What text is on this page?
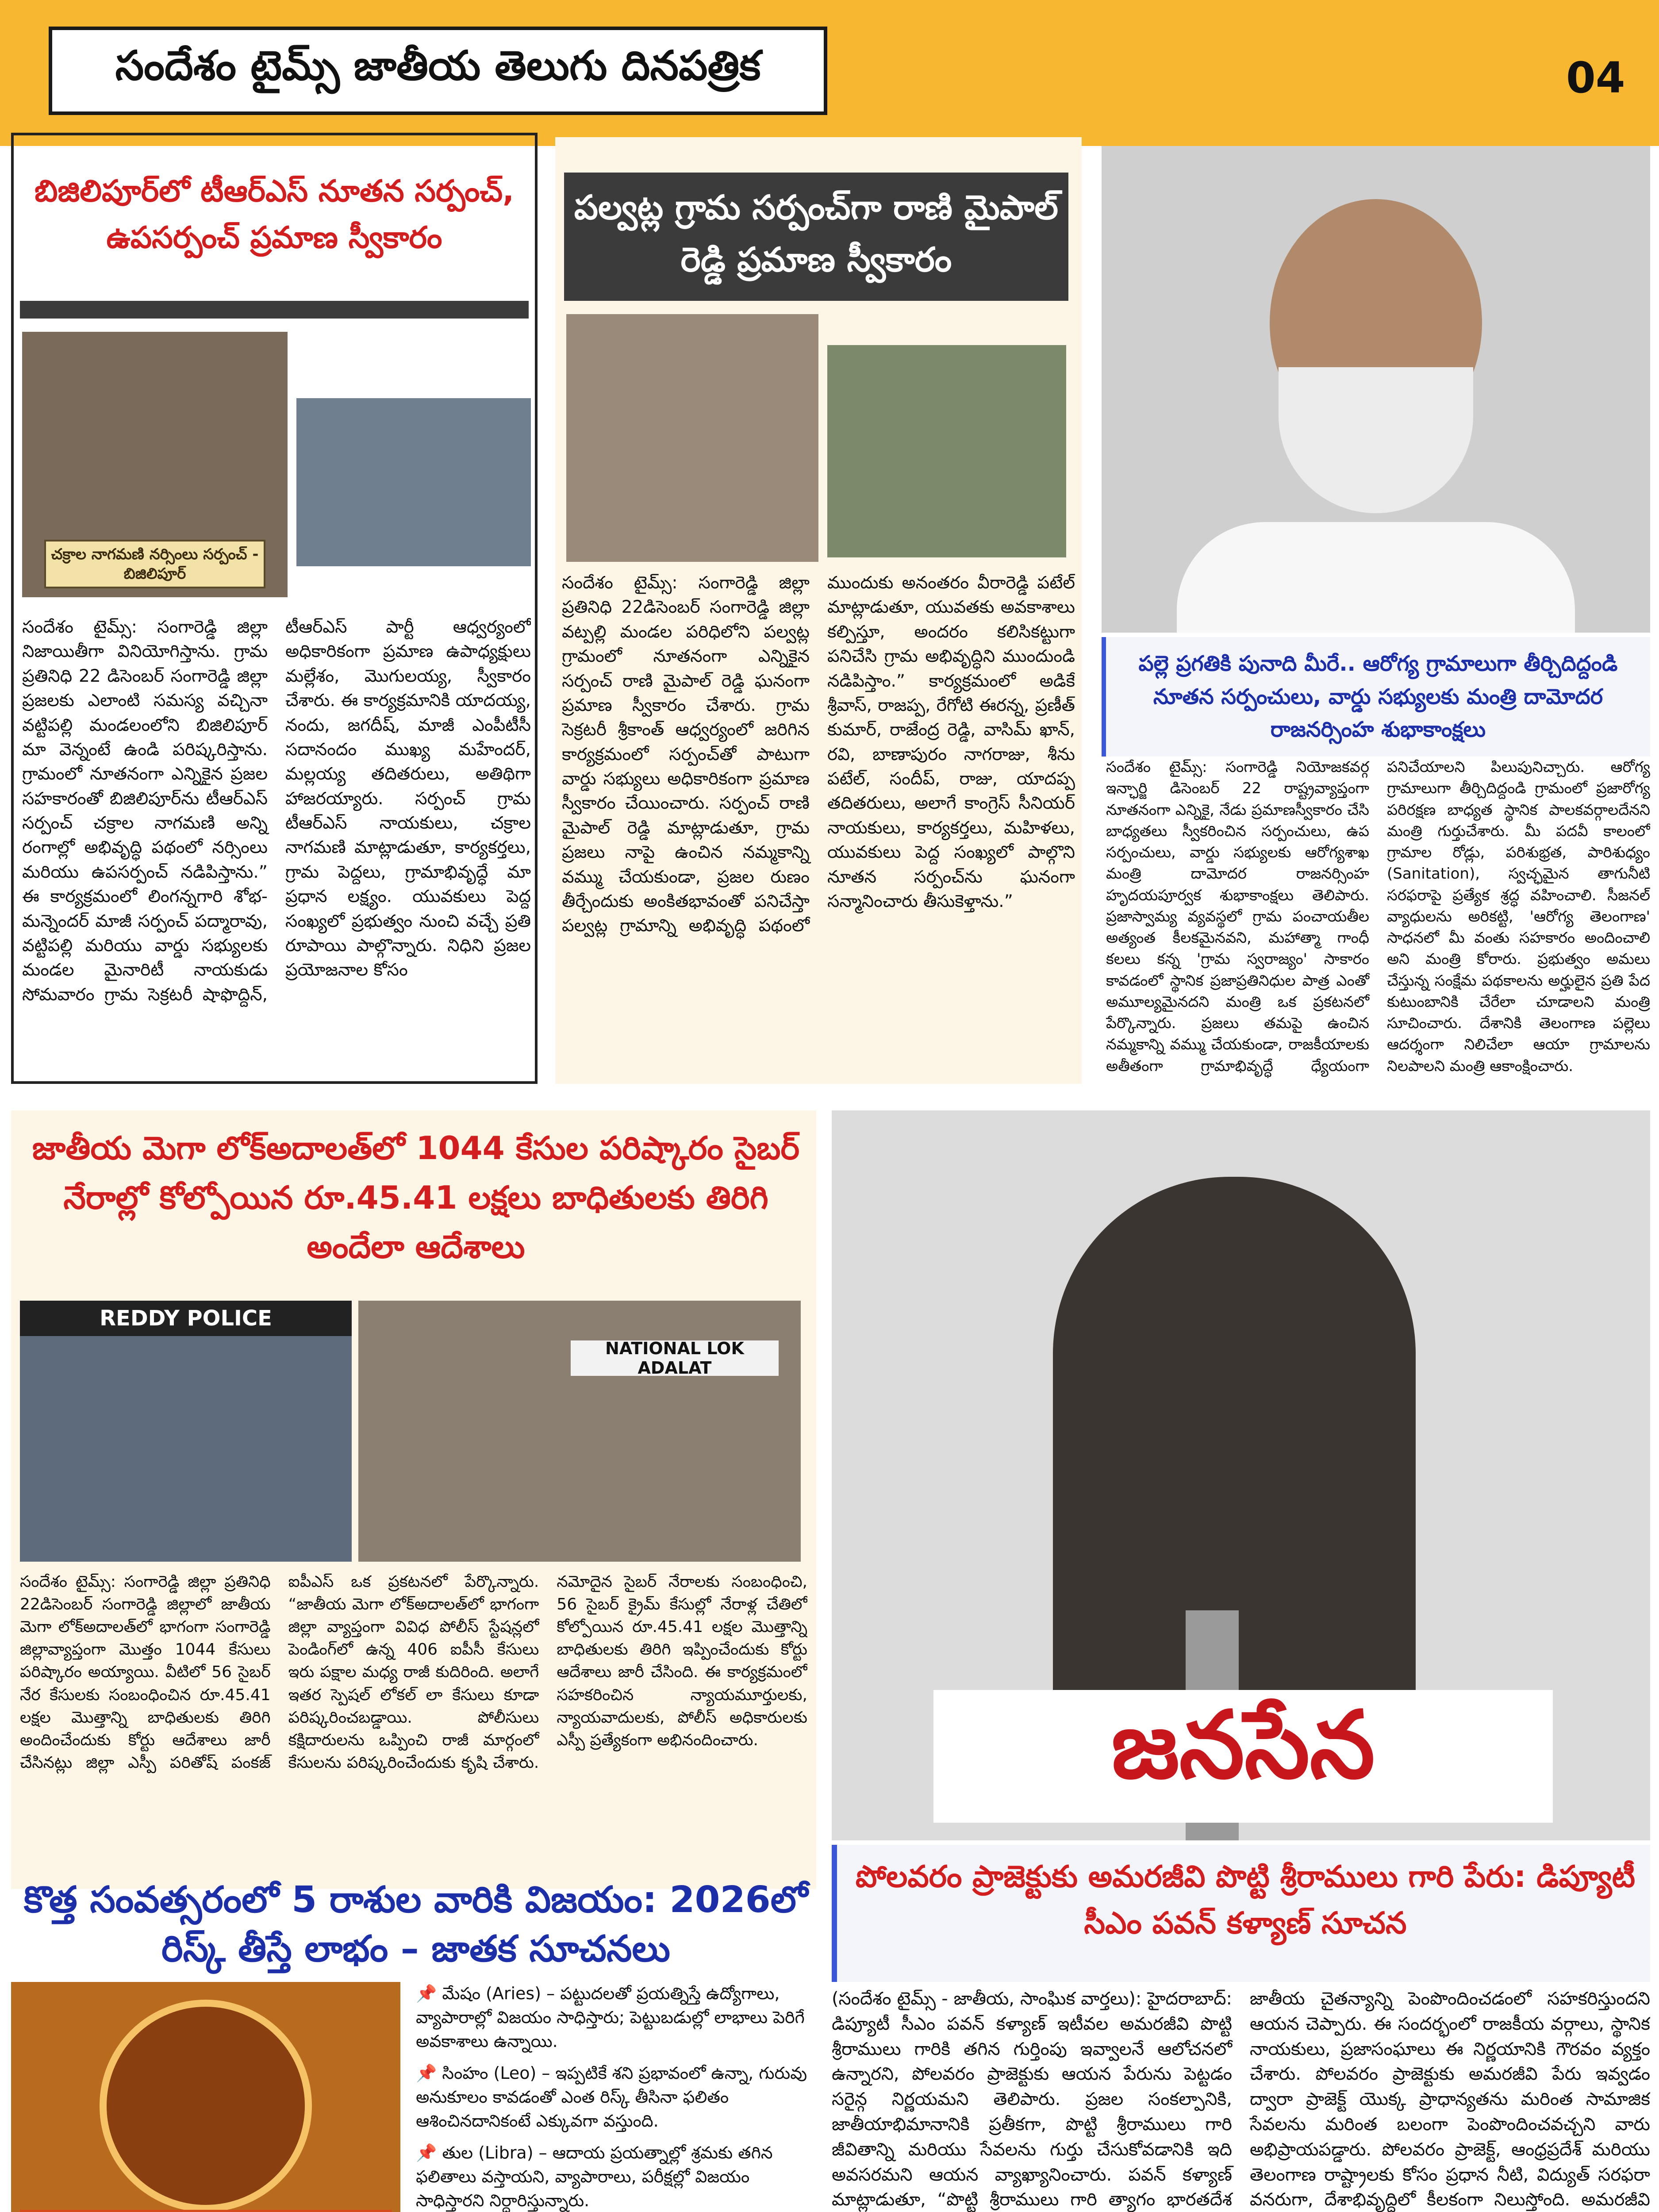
సందేశం టైమ్స్ జాతీయ తెలుగు దినపత్రిక	04
బిజిలిపూర్‌లో టీఆర్ఎస్ నూతన సర్పంచ్, ఉపసర్పంచ్ ప్రమాణ స్వీకారం
చక్రాల నాగమణి నర్సింలు సర్పంచ్ - బిజిలిపూర్
సందేశం టైమ్స్: సంగారెడ్డి జిల్లా నిజాయితీగా వినియోగిస్తాను. గ్రామ ప్రతినిధి 22 డిసెంబర్ సంగారెడ్డి జిల్లా ప్రజలకు ఎలాంటి సమస్య వచ్చినా వట్టిపల్లి మండలంలోని బిజిలిపూర్ మా వెన్నంటే ఉండి పరిష్కరిస్తాను. గ్రామంలో నూతనంగా ఎన్నికైన ప్రజల సహకారంతో బిజిలిపూర్‌ను టీఆర్ఎస్ సర్పంచ్ చక్రాల నాగమణి అన్ని రంగాల్లో అభివృద్ధి పథంలో నర్సింలు మరియు ఉపసర్పంచ్ నడిపిస్తాను.” ఈ కార్యక్రమంలో లింగన్నగారి శోభ-మన్నెందర్ మాజీ సర్పంచ్ పద్మారావు, వట్టిపల్లి మరియు వార్డు సభ్యులకు మండల మైనారిటీ నాయకుడు సోమవారం గ్రామ సెక్రటరీ షాఫొద్దిన్, టీఆర్ఎస్ పార్టీ ఆధ్వర్యంలో అధికారికంగా ప్రమాణ ఉపాధ్యక్షులు మల్లేశం, మొగులయ్య, స్వీకారం చేశారు. ఈ కార్యక్రమానికి యాదయ్య, నందు, జగదీష్, మాజీ ఎంపీటీసీ సదానందం ముఖ్య మహేందర్, మల్లయ్య తదితరులు, అతిథిగా హాజరయ్యారు. సర్పంచ్ గ్రామ టీఆర్ఎస్ నాయకులు, చక్రాల నాగమణి మాట్లాడుతూ, కార్యకర్తలు, గ్రామ పెద్దలు, గ్రామాభివృద్ధే మా ప్రధాన లక్ష్యం. యువకులు పెద్ద సంఖ్యలో ప్రభుత్వం నుంచి వచ్చే ప్రతి రూపాయి పాల్గొన్నారు. నిధిని ప్రజల ప్రయోజనాల కోసం
పల్వట్ల గ్రామ సర్పంచ్‌గా రాణి మైపాల్ రెడ్డి ప్రమాణ స్వీకారం
సందేశం టైమ్స్: సంగారెడ్డి జిల్లా ప్రతినిధి 22డిసెంబర్ సంగారెడ్డి జిల్లా వట్పల్లి మండల పరిధిలోని పల్వట్ల గ్రామంలో నూతనంగా ఎన్నికైన సర్పంచ్ రాణి మైపాల్ రెడ్డి ఘనంగా ప్రమాణ స్వీకారం చేశారు. గ్రామ సెక్రటరీ శ్రీకాంత్ ఆధ్వర్యంలో జరిగిన కార్యక్రమంలో సర్పంచ్‌తో పాటుగా వార్డు సభ్యులు అధికారికంగా ప్రమాణ స్వీకారం చేయించారు. సర్పంచ్ రాణి మైపాల్ రెడ్డి మాట్లాడుతూ, గ్రామ ప్రజలు నాపై ఉంచిన నమ్మకాన్ని వమ్ము చేయకుండా, ప్రజల రుణం తీర్చేందుకు అంకితభావంతో పనిచేస్తా పల్వట్ల గ్రామాన్ని అభివృద్ధి పథంలో ముందుకు అనంతరం వీరారెడ్డి పటేల్ మాట్లాడుతూ, యువతకు అవకాశాలు కల్పిస్తూ, అందరం కలిసికట్టుగా పనిచేసి గ్రామ అభివృద్ధిని ముందుండి నడిపిస్తాం.” కార్యక్రమంలో అడికే శ్రీవాస్, రాజప్ప, రేగోటి ఈరన్న, ప్రణీత్ కుమార్, రాజేంద్ర రెడ్డి, వాసిమ్ ఖాన్, రవి, బాణాపురం నాగరాజు, శీను పటేల్, సందీప్, రాజు, యాదప్ప తదితరులు, అలాగే కాంగ్రెస్ సీనియర్ నాయకులు, కార్యకర్తలు, మహిళలు, యువకులు పెద్ద సంఖ్యలో పాల్గొని నూతన సర్పంచ్‌ను ఘనంగా సన్మానించారు తీసుకెళ్తాను.”
పల్లె ప్రగతికి పునాది మీరే.. ఆరోగ్య గ్రామాలుగా తీర్చిదిద్దండి నూతన సర్పంచులు, వార్డు సభ్యులకు మంత్రి దామోదర రాజనర్సింహ శుభాకాంక్షలు
సందేశం టైమ్స్: సంగారెడ్డి నియోజకవర్గ ఇన్ఛార్జి డిసెంబర్ 22 రాష్ట్రవ్యాప్తంగా నూతనంగా ఎన్నికై, నేడు ప్రమాణస్వీకారం చేసి బాధ్యతలు స్వీకరించిన సర్పంచులు, ఉప సర్పంచులు, వార్డు సభ్యులకు ఆరోగ్యశాఖ మంత్రి దామోదర రాజనర్సింహ హృదయపూర్వక శుభాకాంక్షలు తెలిపారు. ప్రజాస్వామ్య వ్యవస్థలో గ్రామ పంచాయతీల అత్యంత కీలకమైనవని, మహాత్మా గాంధీ కలలు కన్న 'గ్రామ స్వరాజ్యం' సాకారం కావడంలో స్థానిక ప్రజాప్రతినిధుల పాత్ర ఎంతో అమూల్యమైనదని మంత్రి ఒక ప్రకటనలో పేర్కొన్నారు. ప్రజలు తమపై ఉంచిన నమ్మకాన్ని వమ్ము చేయకుండా, రాజకీయాలకు అతీతంగా గ్రామాభివృద్ధే ధ్యేయంగా పనిచేయాలని పిలుపునిచ్చారు. ఆరోగ్య గ్రామాలుగా తీర్చిదిద్దండి గ్రామంలో ప్రజారోగ్య పరిరక్షణ బాధ్యత స్థానిక పాలకవర్గాలదేనని మంత్రి గుర్తుచేశారు. మీ పదవీ కాలంలో గ్రామాల రోడ్లు, పరిశుభ్రత, పారిశుధ్యం (Sanitation), స్వచ్ఛమైన తాగునీటి సరఫరాపై ప్రత్యేక శ్రద్ధ వహించాలి. సీజనల్ వ్యాధులను అరికట్టి, 'ఆరోగ్య తెలంగాణ' సాధనలో మీ వంతు సహకారం అందించాలి అని మంత్రి కోరారు. ప్రభుత్వం అమలు చేస్తున్న సంక్షేమ పథకాలను అర్హులైన ప్రతి పేద కుటుంబానికి చేరేలా చూడాలని మంత్రి సూచించారు. దేశానికి తెలంగాణ పల్లెలు ఆదర్శంగా నిలిచేలా ఆయా గ్రామాలను నిలపాలని మంత్రి ఆకాంక్షించారు.
జాతీయ మెగా లోక్అదాలత్‌లో 1044 కేసుల పరిష్కారం సైబర్ నేరాల్లో కోల్పోయిన రూ.45.41 లక్షలు బాధితులకు తిరిగి అందేలా ఆదేశాలు
REDDY POLICE
NATIONAL LOK ADALAT
సందేశం టైమ్స్: సంగారెడ్డి జిల్లా ప్రతినిధి 22డిసెంబర్ సంగారెడ్డి జిల్లాలో జాతీయ మెగా లోక్‌అదాలత్‌లో భాగంగా సంగారెడ్డి జిల్లావ్యాప్తంగా మొత్తం 1044 కేసులు పరిష్కారం అయ్యాయి. వీటిలో 56 సైబర్ నేర కేసులకు సంబంధించిన రూ.45.41 లక్షల మొత్తాన్ని బాధితులకు తిరిగి అందించేందుకు కోర్టు ఆదేశాలు జారీ చేసినట్లు జిల్లా ఎస్పీ పరితోష్ పంకజ్ ఐపీఎస్ ఒక ప్రకటనలో పేర్కొన్నారు. “జాతీయ మెగా లోక్‌అదాలత్‌లో భాగంగా జిల్లా వ్యాప్తంగా వివిధ పోలీస్ స్టేషన్లలో పెండింగ్‌లో ఉన్న 406 ఐపీసీ కేసులు ఇరు పక్షాల మధ్య రాజీ కుదిరింది. అలాగే ఇతర స్పెషల్ లోకల్ లా కేసులు కూడా పరిష్కరించబడ్డాయి. పోలీసులు కక్షిదారులను ఒప్పించి రాజీ మార్గంలో కేసులను పరిష్కరించేందుకు కృషి చేశారు. నమోదైన సైబర్ నేరాలకు సంబంధించి, 56 సైబర్ క్రైమ్ కేసుల్లో నేరాళ్ల చేతిలో కోల్పోయిన రూ.45.41 లక్షల మొత్తాన్ని బాధితులకు తిరిగి ఇప్పించేందుకు కోర్టు ఆదేశాలు జారీ చేసింది. ఈ కార్యక్రమంలో సహకరించిన న్యాయమూర్తులకు, న్యాయవాదులకు, పోలీస్ అధికారులకు ఎస్పీ ప్రత్యేకంగా అభినందించారు.	జనసేన
పోలవరం ప్రాజెక్టుకు అమరజీవి పొట్టి శ్రీరాములు గారి పేరు: డిప్యూటీ సీఎం పవన్ కళ్యాణ్ సూచన
(సందేశం టైమ్స్ - జాతీయ, సాంఘిక వార్తలు): హైదరాబాద్: డిప్యూటీ సీఎం పవన్ కళ్యాణ్ ఇటీవల అమరజీవి పొట్టి శ్రీరాములు గారికి తగిన గుర్తింపు ఇవ్వాలనే ఆలోచనలో ఉన్నారని, పోలవరం ప్రాజెక్టుకు ఆయన పేరును పెట్టడం సరైన్గ నిర్ణయమని తెలిపారు. ప్రజల సంకల్పానికి, జాతీయాభిమానానికి ప్రతీకగా, పొట్టి శ్రీరాములు గారి జీవితాన్ని మరియు సేవలను గుర్తు చేసుకోవడానికి ఇది అవసరమని ఆయన వ్యాఖ్యానించారు. పవన్ కళ్యాణ్ మాట్లాడుతూ, “పొట్టి శ్రీరాములు గారి త్యాగం భారతదేశ జాతీయ చైతన్యాన్ని పెంపొందించడంలో సహకరిస్తుందని ఆయన చెప్పారు. ఈ సందర్భంలో రాజకీయ వర్గాలు, స్థానిక నాయకులు, ప్రజాసంఘాలు ఈ నిర్ణయానికి గౌరవం వ్యక్తం చేశారు. పోలవరం ప్రాజెక్టుకు అమరజీవి పేరు ఇవ్వడం ద్వారా ప్రాజెక్ట్ యొక్క ప్రాధాన్యతను మరింత సామాజిక సేవలను మరింత బలంగా పెంపొందించవచ్చని వారు అభిప్రాయపడ్డారు. పోలవరం ప్రాజెక్ట్, ఆంధ్రప్రదేశ్ మరియు తెలంగాణ రాష్ట్రాలకు కోసం ప్రధాన నీటి, విద్యుత్ సరఫరా వనరుగా, దేశాభివృద్ధిలో కీలకంగా నిలుస్తోంది. అమరజీవి
కొత్త సంవత్సరంలో 5 రాశుల వారికి విజయం: 2026లో రిస్క్ తీస్తే లాభం – జాతక సూచనలు

📌 మేషం (Aries) – పట్టుదలతో ప్రయత్నిస్తే ఉద్యోగాలు, వ్యాపారాల్లో విజయం సాధిస్తారు; పెట్టుబడుల్లో లాభాలు పెరిగే అవకాశాలు ఉన్నాయి.

📌 సింహం (Leo) – ఇప్పటికే శని ప్రభావంలో ఉన్నా, గురువు అనుకూలం కావడంతో ఎంత రిస్క్ తీసినా ఫలితం ఆశించినదానికంటే ఎక్కువగా వస్తుంది.

📌 తుల (Libra) – ఆదాయ ప్రయత్నాల్లో శ్రమకు తగిన ఫలితాలు వస్తాయని, వ్యాపారాలు, పరీక్షల్లో విజయం సాధిస్తారని నిర్ధారిస్తున్నారు.
